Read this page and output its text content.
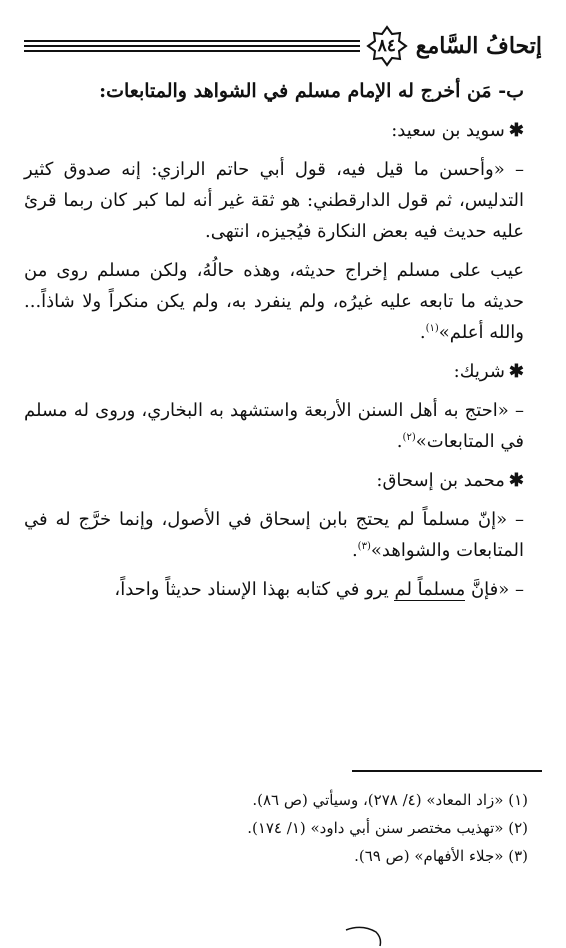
إتحافُ السَّامع
٨٤
ب- مَن أخرج له الإمام مسلم في الشواهد والمتابعات:
✱سويد بن سعيد:

– «وأحسن ما قيل فيه، قول أبي حاتم الرازي: إنه صدوق كثير التدليس، ثم قول الدارقطني: هو ثقة غير أنه لما كبر كان ربما قرئ عليه حديث فيه بعض النكارة فيُجيزه، انتهى.

عيب على مسلم إخراج حديثه، وهذه حالُهُ، ولكن مسلم روى من حديثه ما تابعه عليه غيرُه، ولم ينفرد به، ولم يكن منكراً ولا شاذاً... والله أعلم»$^{(١)}$.

✱شريك:

– «احتج به أهل السنن الأربعة واستشهد به البخاري، وروى له مسلم في المتابعات»$^{(٢)}$.

✱محمد بن إسحاق:

– «إنّ مسلماً لم يحتج بابن إسحاق في الأصول، وإنما خرَّج له في المتابعات والشواهد»$^{(٣)}$.

– «فإنَّ مسلماً لم يرو في كتابه بهذا الإسناد حديثاً واحداً،

(١) «زاد المعاد» (٤/ ٢٧٨)، وسيأتي (ص ٨٦).

(٢) «تهذيب مختصر سنن أبي داود» (١/ ١٧٤).

(٣) «جلاء الأفهام» (ص ٦٩).
